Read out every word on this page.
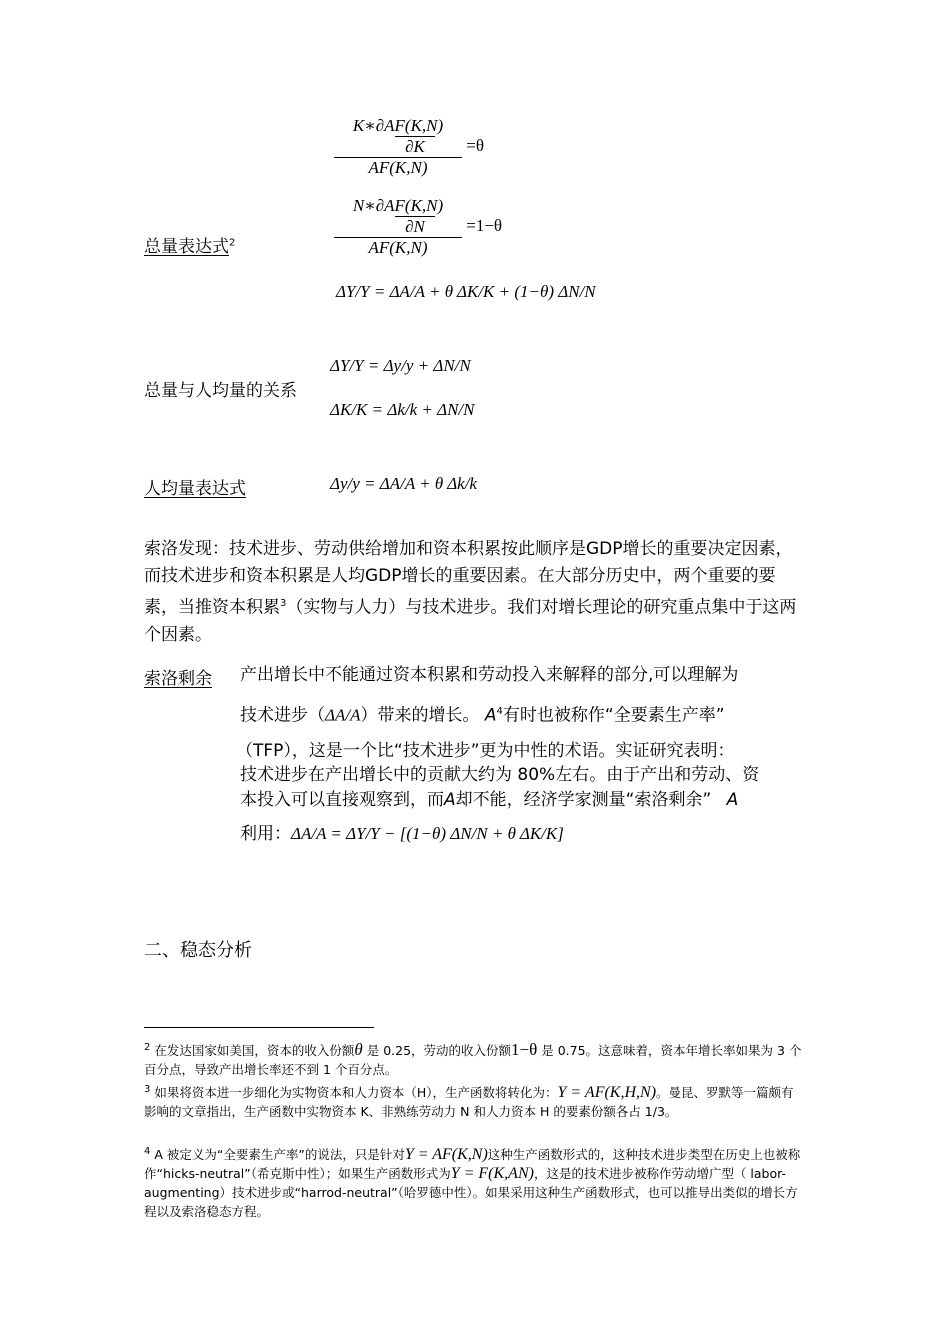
K∗∂AF(K,N)
∂K
AF(K,N)
=θ
总量表达式$^2$
N∗∂AF(K,N)
∂N
AF(K,N)
=1−θ
ΔY/Y = ΔA/A + θ ΔK/K + (1−θ) ΔN/N
总量与人均量的关系
ΔY/Y = Δy/y + ΔN/N
ΔK/K = Δk/k + ΔN/N
人均量表达式	Δy/y = ΔA/A + θ Δk/k
索洛发现：技术进步、劳动供给增加和资本积累按此顺序是GDP增长的重要决定因素，而技术进步和资本积累是人均GDP增长的重要因素。在大部分历史中，两个重要的要素，当推资本积累$^3$（实物与人力）与技术进步。我们对增长理论的研究重点集中于这两个因素。
索洛剩余 产出增长中不能通过资本积累和劳动投入来解释的部分,可以理解为
技术进步（ΔA/A）带来的增长。 $A^4$有时也被称作“全要素生产率”
（TFP），这是一个比“技术进步”更为中性的术语。实证研究表明：
技术进步在产出增长中的贡献大约为 80%左右。由于产出和劳动、资
本投入可以直接观察到，而A却不能，经济学家测量“索洛剩余” A
利用：ΔA/A = ΔY/Y − [(1−θ) ΔN/N + θ ΔK/K]
二、稳态分析
$^2$ 在发达国家如美国，资本的收入份额θ 是 0.25，劳动的收入份额1−θ 是 0.75。这意味着，资本年增长率如果为 3 个百分点，导致产出增长率还不到 1 个百分点。
$^3$ 如果将资本进一步细化为实物资本和人力资本（H），生产函数将转化为：Y = AF(K,H,N)。曼昆、罗默等一篇颇有影响的文章指出，生产函数中实物资本 K、非熟练劳动力 N 和人力资本 H 的要素份额各占 1/3。
$^4$ A 被定义为“全要素生产率”的说法，只是针对Y = AF(K,N)这种生产函数形式的，这种技术进步类型在历史上也被称作“hicks-neutral”（希克斯中性）；如果生产函数形式为Y = F(K,AN)，这是的技术进步被称作劳动增广型（ labor-augmenting）技术进步或“harrod-neutral”（哈罗德中性）。如果采用这种生产函数形式，也可以推导出类似的增长方程以及索洛稳态方程。
